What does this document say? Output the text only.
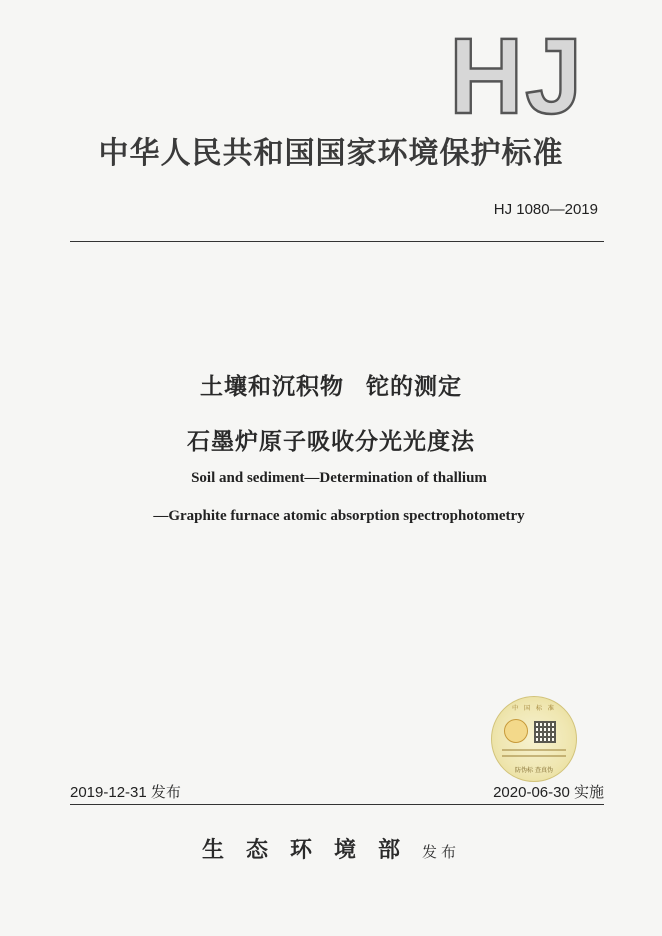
HJ
中华人民共和国国家环境保护标准
HJ 1080—2019
土壤和沉积物 铊的测定
石墨炉原子吸收分光光度法
Soil and sediment—Determination of thallium
—Graphite furnace atomic absorption spectrophotometry
中 国 标 准
防伪标 查真伪
2019-12-31 发布	2020-06-30 实施
生态环境部发布
